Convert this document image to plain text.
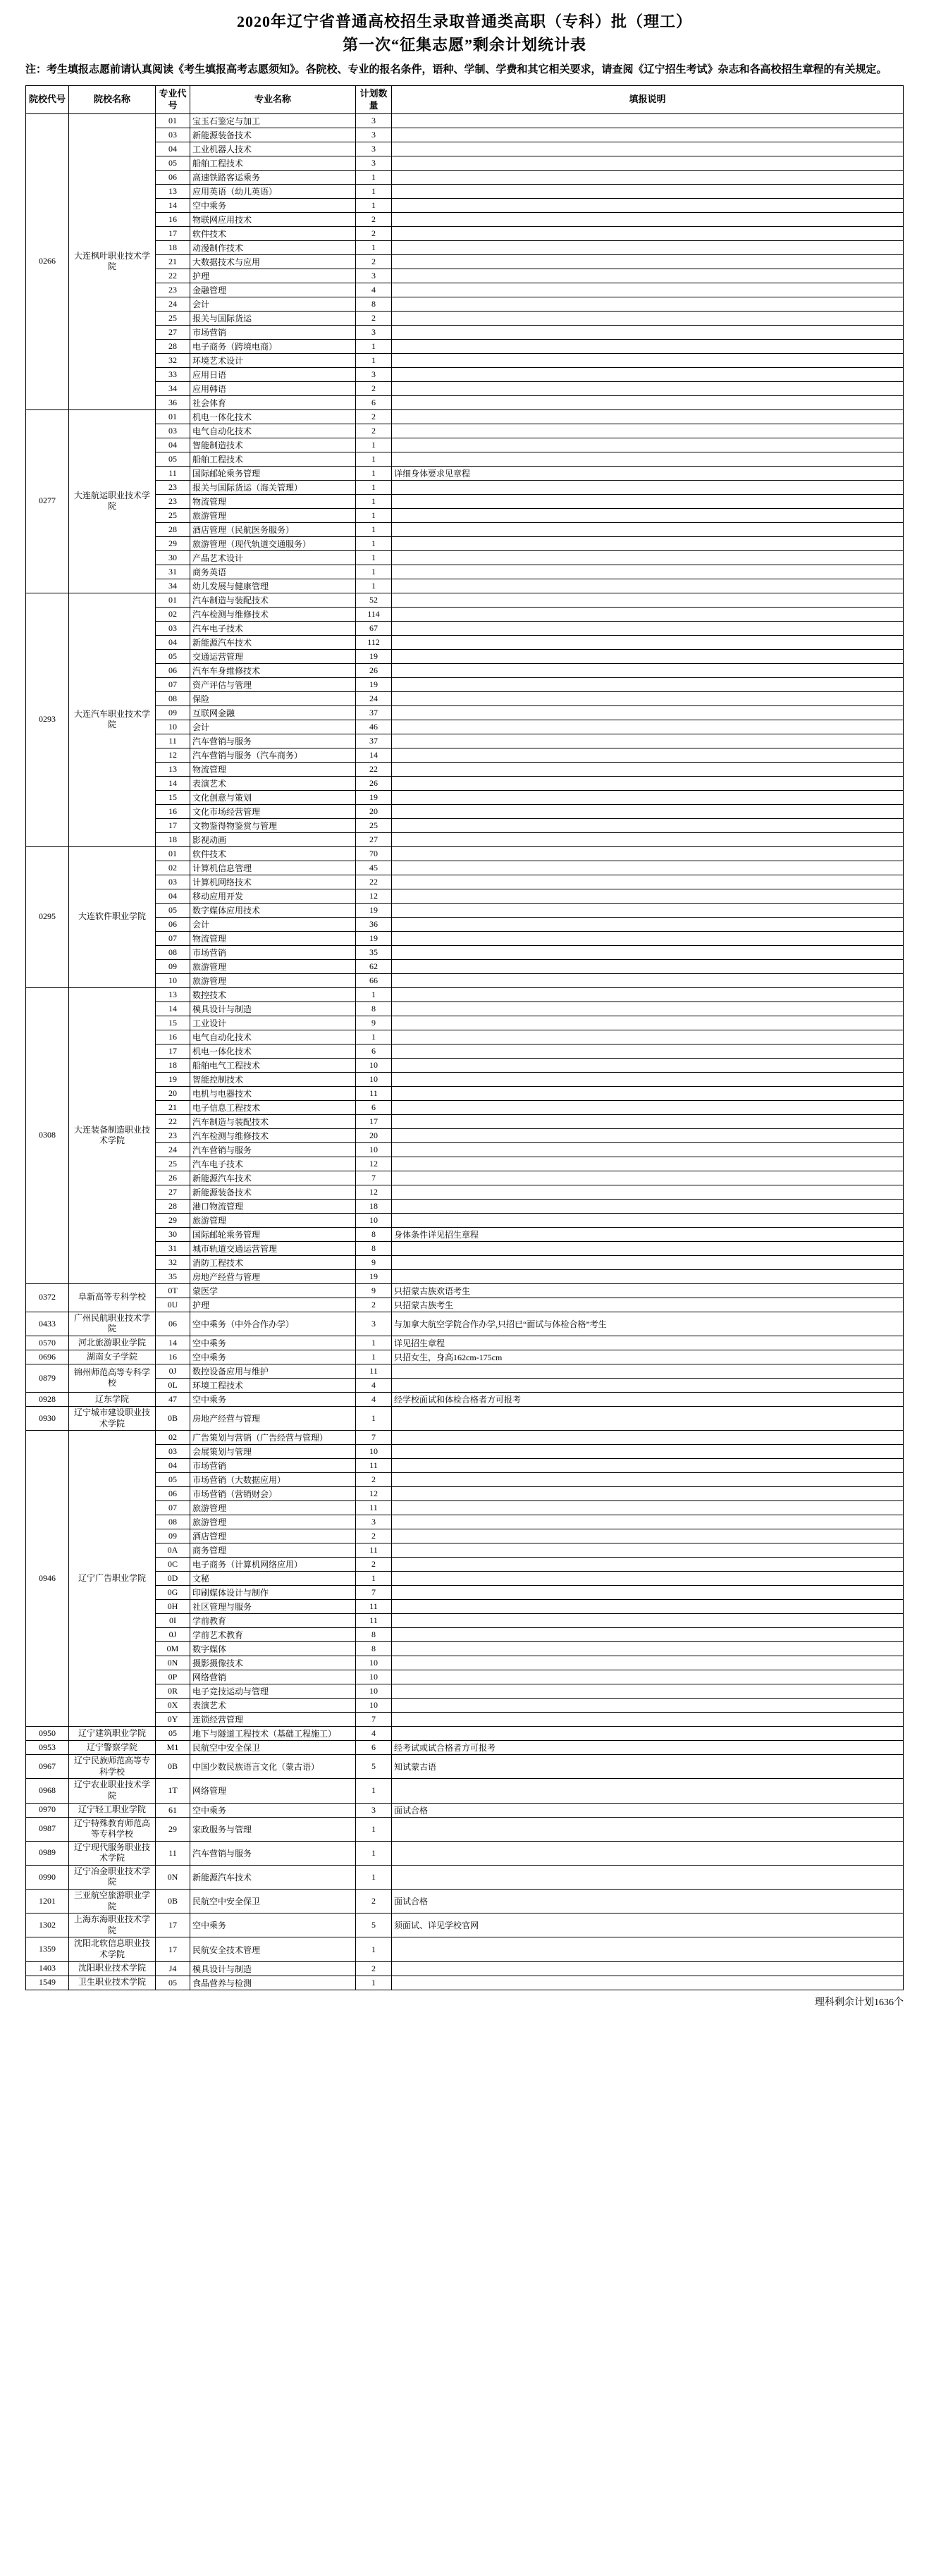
2020年辽宁省普通高校招生录取普通类高职（专科）批（理工）
第一次“征集志愿”剩余计划统计表
注：考生填报志愿前请认真阅读《考生填报高考志愿须知》。各院校、专业的报名条件，语种、学制、学费和其它相关要求，请查阅《辽宁招生考试》杂志和各高校招生章程的有关规定。
院校代号	院校名称	专业代号	专业名称	计划数量	填报说明
0266	大连枫叶职业技术学院	01	宝玉石鉴定与加工	3	
		03	新能源装备技术	3	
		04	工业机器人技术	3	
		05	船舶工程技术	3	
		06	高速铁路客运乘务	1	
		13	应用英语（幼儿英语）	1	
		14	空中乘务	1	
		16	物联网应用技术	2	
		17	软件技术	2	
		18	动漫制作技术	1	
		21	大数据技术与应用	2	
		22	护理	3	
		23	金融管理	4	
		24	会计	8	
		25	报关与国际货运	2	
		27	市场营销	3	
		28	电子商务（跨境电商）	1	
		32	环境艺术设计	1	
		33	应用日语	3	
		34	应用韩语	2	
		36	社会体育	6	
0277	大连航运职业技术学院	01	机电一体化技术	2	
		03	电气自动化技术	2	
		04	智能制造技术	1	
		05	船舶工程技术	1	
		11	国际邮轮乘务管理	1	详细身体要求见章程
		23	报关与国际货运（海关管理）	1	
		23	物流管理	1	
		25	旅游管理	1	
		28	酒店管理（民航医务服务）	1	
		29	旅游管理（现代轨道交通服务）	1	
		30	产品艺术设计	1	
		31	商务英语	1	
		34	幼儿发展与健康管理	1	
0293	大连汽车职业技术学院	01	汽车制造与装配技术	52	
		02	汽车检测与维修技术	114	
		03	汽车电子技术	67	
		04	新能源汽车技术	112	
		05	交通运营管理	19	
		06	汽车车身维修技术	26	
		07	资产评估与管理	19	
		08	保险	24	
		09	互联网金融	37	
		10	会计	46	
		11	汽车营销与服务	37	
		12	汽车营销与服务（汽车商务）	14	
		13	物流管理	22	
		14	表演艺术	26	
		15	文化创意与策划	19	
		16	文化市场经营管理	20	
		17	文物鉴得物鉴赏与管理	25	
		18	影视动画	27	
0295	大连软件职业学院	01	软件技术	70	
		02	计算机信息管理	45	
		03	计算机网络技术	22	
		04	移动应用开发	12	
		05	数字媒体应用技术	19	
		06	会计	36	
		07	物流管理	19	
		08	市场营销	35	
		09	旅游管理	62	
		10	旅游管理	66	
0308	大连装备制造职业技术学院	13	数控技术	1	
		14	模具设计与制造	8	
		15	工业设计	9	
		16	电气自动化技术	1	
		17	机电一体化技术	6	
		18	船舶电气工程技术	10	
		19	智能控制技术	10	
		20	电机与电器技术	11	
		21	电子信息工程技术	6	
		22	汽车制造与装配技术	17	
		23	汽车检测与维修技术	20	
		24	汽车营销与服务	10	
		25	汽车电子技术	12	
		26	新能源汽车技术	7	
		27	新能源装备技术	12	
		28	港口物流管理	18	
		29	旅游管理	10	
		30	国际邮轮乘务管理	8	身体条件详见招生章程
		31	城市轨道交通运营管理	8	
		32	消防工程技术	9	
		35	房地产经营与管理	19	
0372	阜新高等专科学校	0T	蒙医学	9	只招蒙古族欢语考生
		0U	护理	2	只招蒙古族考生
0433	广州民航职业技术学院	06	空中乘务（中外合作办学）	3	与加拿大航空学院合作办学,只招已“面试与体检合格”考生
0570	河北旅游职业学院	14	空中乘务	1	详见招生章程
0696	湖南女子学院	16	空中乘务	1	只招女生，身高162cm-175cm
0879	锦州师范高等专科学校	0J	数控设备应用与维护	11	
		0L	环境工程技术	4	
0928	辽东学院	47	空中乘务	4	经学校面试和体检合格者方可报考
0930	辽宁城市建设职业技术学院	0B	房地产经营与管理	1	
0946	辽宁广告职业学院	02	广告策划与营销（广告经营与管理）	7	
		03	会展策划与管理	10	
		04	市场营销	11	
		05	市场营销（大数据应用）	2	
		06	市场营销（营销财会）	12	
		07	旅游管理	11	
		08	旅游管理	3	
		09	酒店管理	2	
		0A	商务管理	11	
		0C	电子商务（计算机网络应用）	2	
		0D	文秘	1	
		0G	印刷媒体设计与制作	7	
		0H	社区管理与服务	11	
		0I	学前教育	11	
		0J	学前艺术教育	8	
		0M	数字媒体	8	
		0N	摄影摄像技术	10	
		0P	网络营销	10	
		0R	电子竞技运动与管理	10	
		0X	表演艺术	10	
		0Y	连锁经营管理	7	
0950	辽宁建筑职业学院	05	地下与隧道工程技术（基础工程施工）	4	
0953	辽宁警察学院	M1	民航空中安全保卫	6	经考试或试合格者方可报考
0967	辽宁民族师范高等专科学校	0B	中国少数民族语言文化（蒙古语）	5	知试蒙古语
0968	辽宁农业职业技术学院	1T	网络管理	1	
0970	辽宁轻工职业学院	61	空中乘务	3	面试合格
0987	辽宁特殊教育师范高等专科学校	29	家政服务与管理	1	
0989	辽宁现代服务职业技术学院	11	汽车营销与服务	1	
0990	辽宁冶金职业技术学院	0N	新能源汽车技术	1	
1201	三亚航空旅游职业学院	0B	民航空中安全保卫	2	面试合格
1302	上海东海职业技术学院	17	空中乘务	5	须面试、详见学校官网
1359	沈阳北软信息职业技术学院	17	民航安全技术管理	1	
1403	沈阳职业技术学院	J4	模具设计与制造	2	
1549	卫生职业技术学院	05	食品营养与检测	1	
理科剩余计划1636个
